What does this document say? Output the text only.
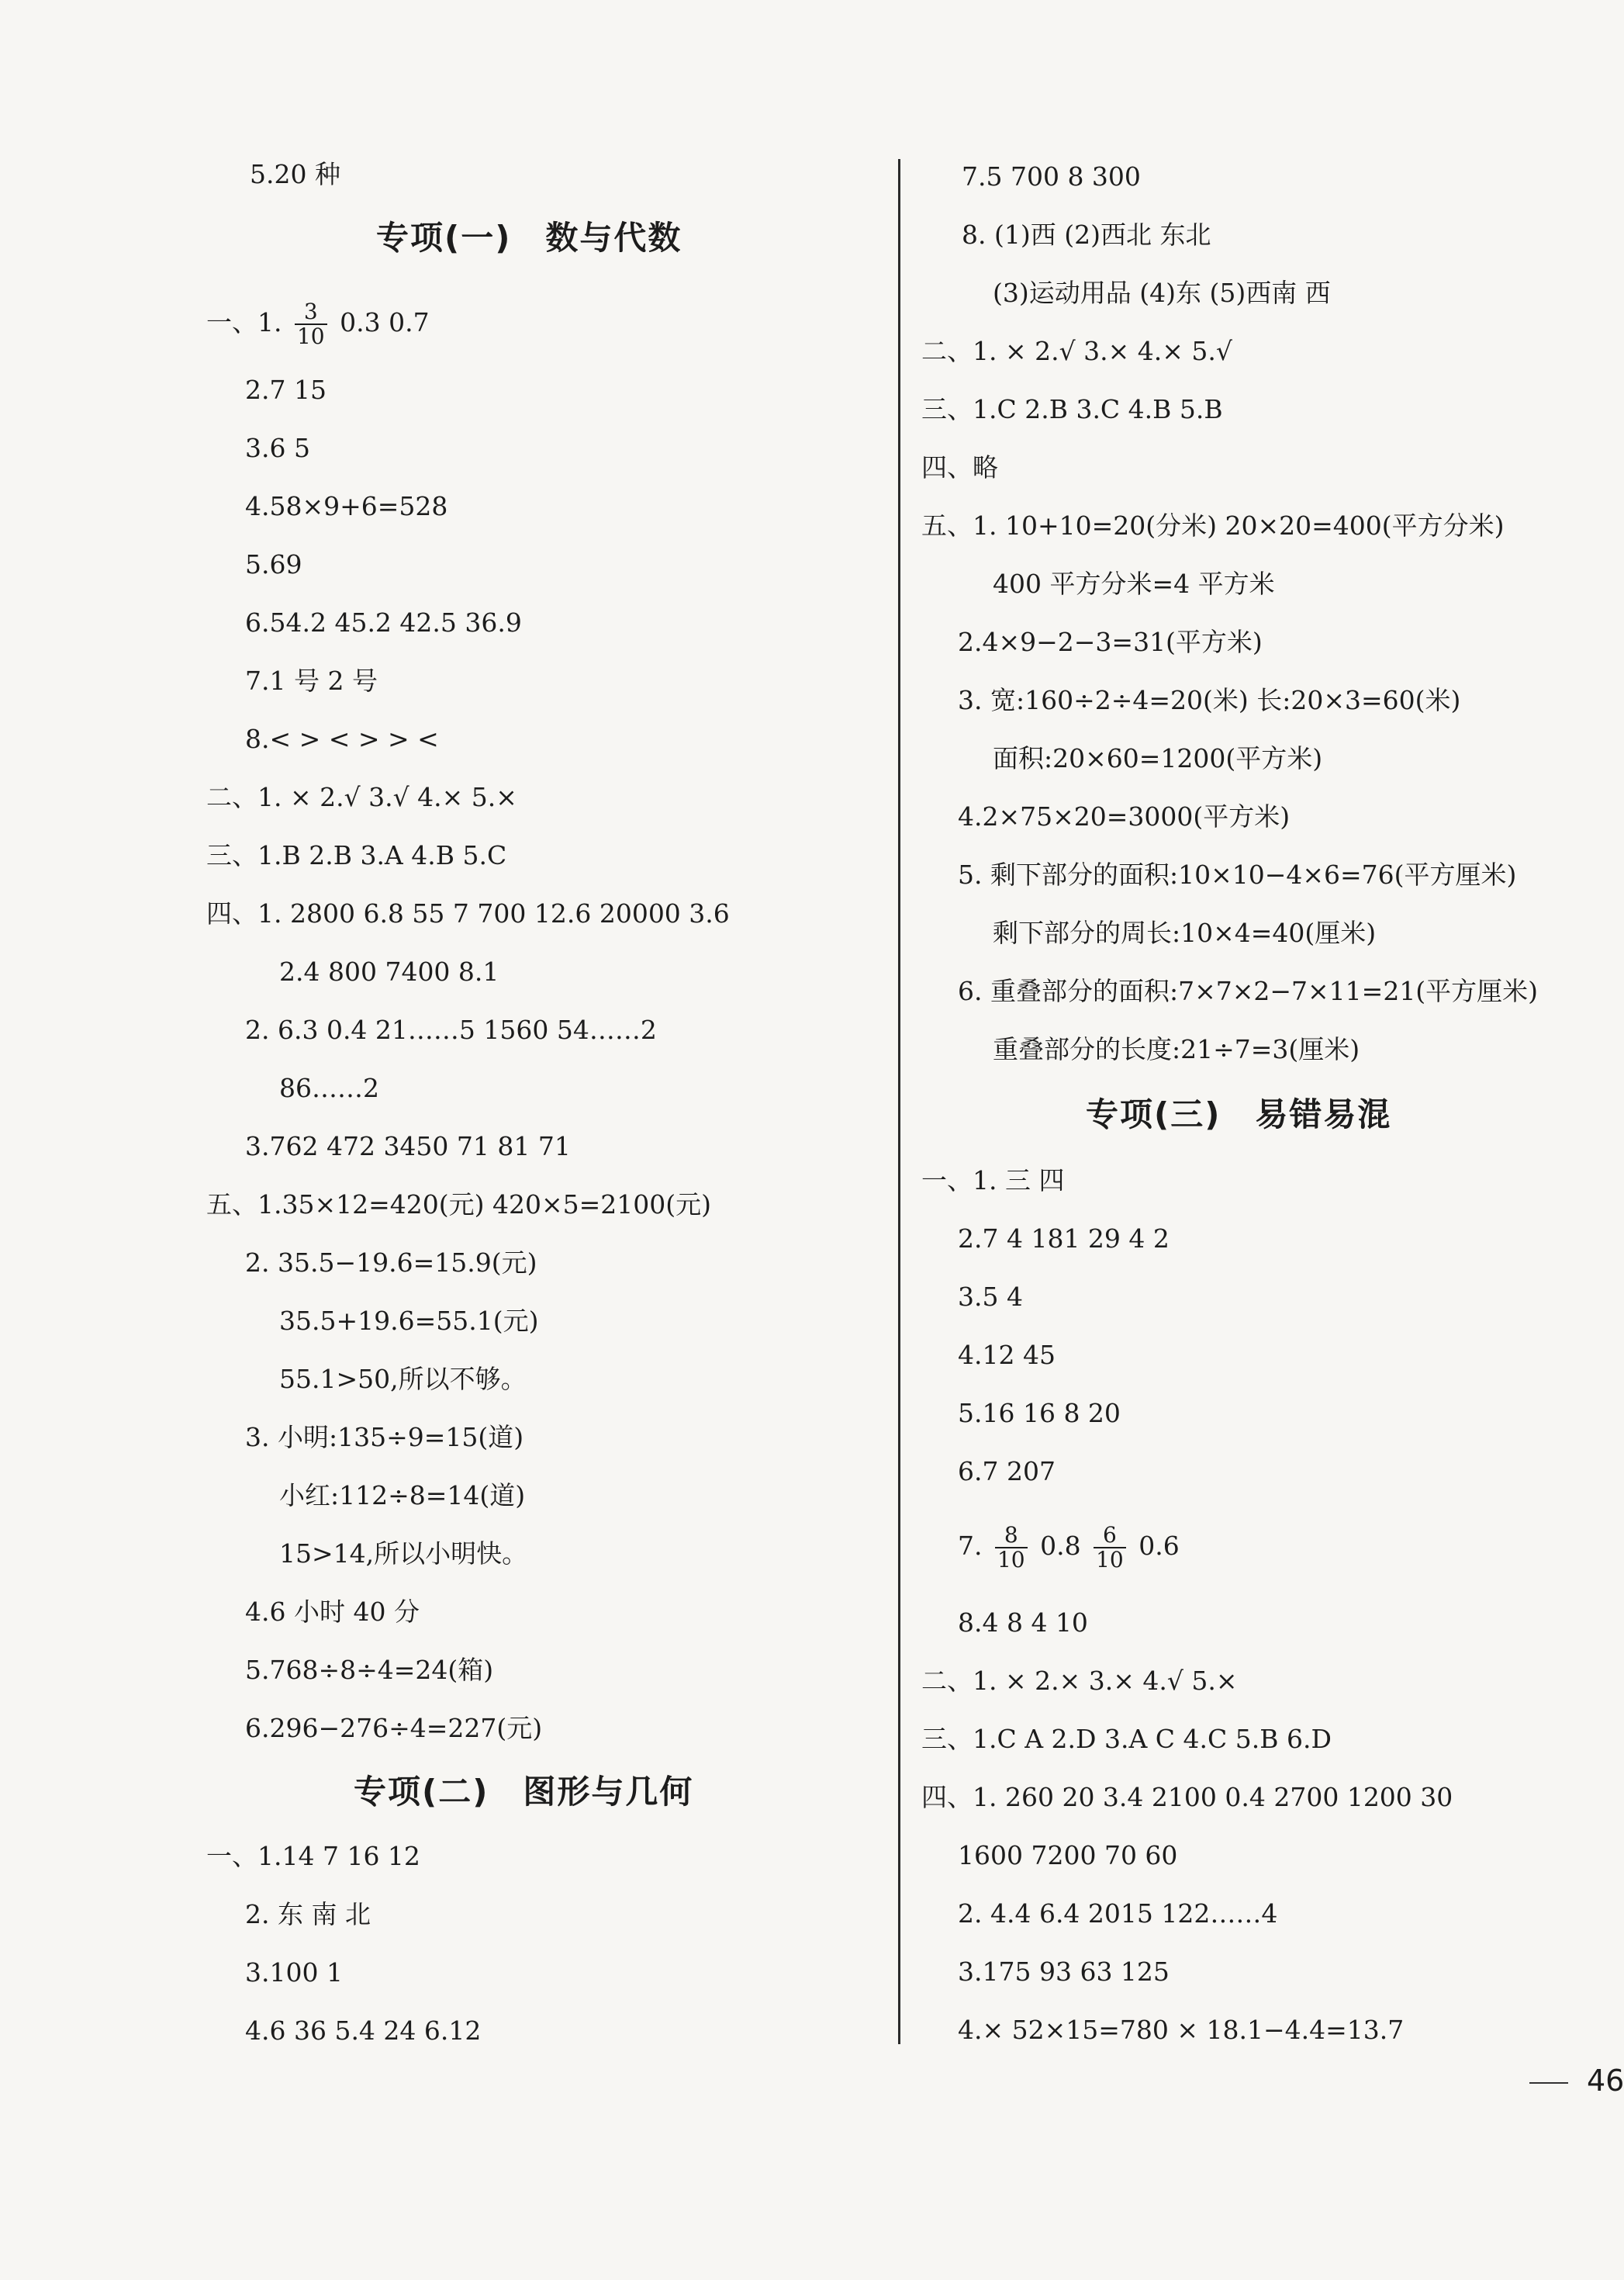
5.20 种
专项(一)　数与代数
一、1. $\frac{3}{10} 0.3$ 0.7
2.7 15
3.6 5
4.58×9+6=528
5.69
6.54.2 45.2 42.5 36.9
7.1 号 2 号
8.< > < > > <
二、1. × 2.√ 3.√ 4.× 5.×
三、1.B 2.B 3.A 4.B 5.C
四、1. 2800 6.8 55 7 700 12.6 20000 3.6
2.4 800 7400 8.1
2. 6.3 0.4 21……5 1560 54……2
86……2
3.762 472 3450 71 81 71
五、1.35×12=420(元) 420×5=2100(元)
2. 35.5−19.6=15.9(元)
35.5+19.6=55.1(元)
55.1>50,所以不够。
3. 小明:135÷9=15(道)
小红:112÷8=14(道)
15>14,所以小明快。
4.6 小时 40 分
5.768÷8÷4=24(箱)
6.296−276÷4=227(元)
专项(二)　图形与几何
一、1.14 7 16 12
2. 东 南 北
3.100 1
4.6 36 5.4 24 6.12
7.5 700 8 300
8. (1)西 (2)西北 东北
(3)运动用品 (4)东 (5)西南 西
二、1. × 2.√ 3.× 4.× 5.√
三、1.C 2.B 3.C 4.B 5.B
四、略
五、1. 10+10=20(分米) 20×20=400(平方分米)
400 平方分米=4 平方米
2.4×9−2−3=31(平方米)
3. 宽:160÷2÷4=20(米) 长:20×3=60(米)
面积:20×60=1200(平方米)
4.2×75×20=3000(平方米)
5. 剩下部分的面积:10×10−4×6=76(平方厘米)
剩下部分的周长:10×4=40(厘米)
6. 重叠部分的面积:7×7×2−7×11=21(平方厘米)
重叠部分的长度:21÷7=3(厘米)
专项(三)　易错易混
一、1. 三 四
2.7 4 181 29 4 2
3.5 4
4.12 45
5.16 16 8 20
6.7 207
7. $\frac{8}{10} 0.8 \frac{6}{10} 0.6$
8.4 8 4 10
二、1. × 2.× 3.× 4.√ 5.×
三、1.C A 2.D 3.A C 4.C 5.B 6.D
四、1. 260 20 3.4 2100 0.4 2700 1200 30
1600 7200 70 60
2. 4.4 6.4 2015 122……4
3.175 93 63 125
4.× 52×15=780 × 18.1−4.4=13.7
46
